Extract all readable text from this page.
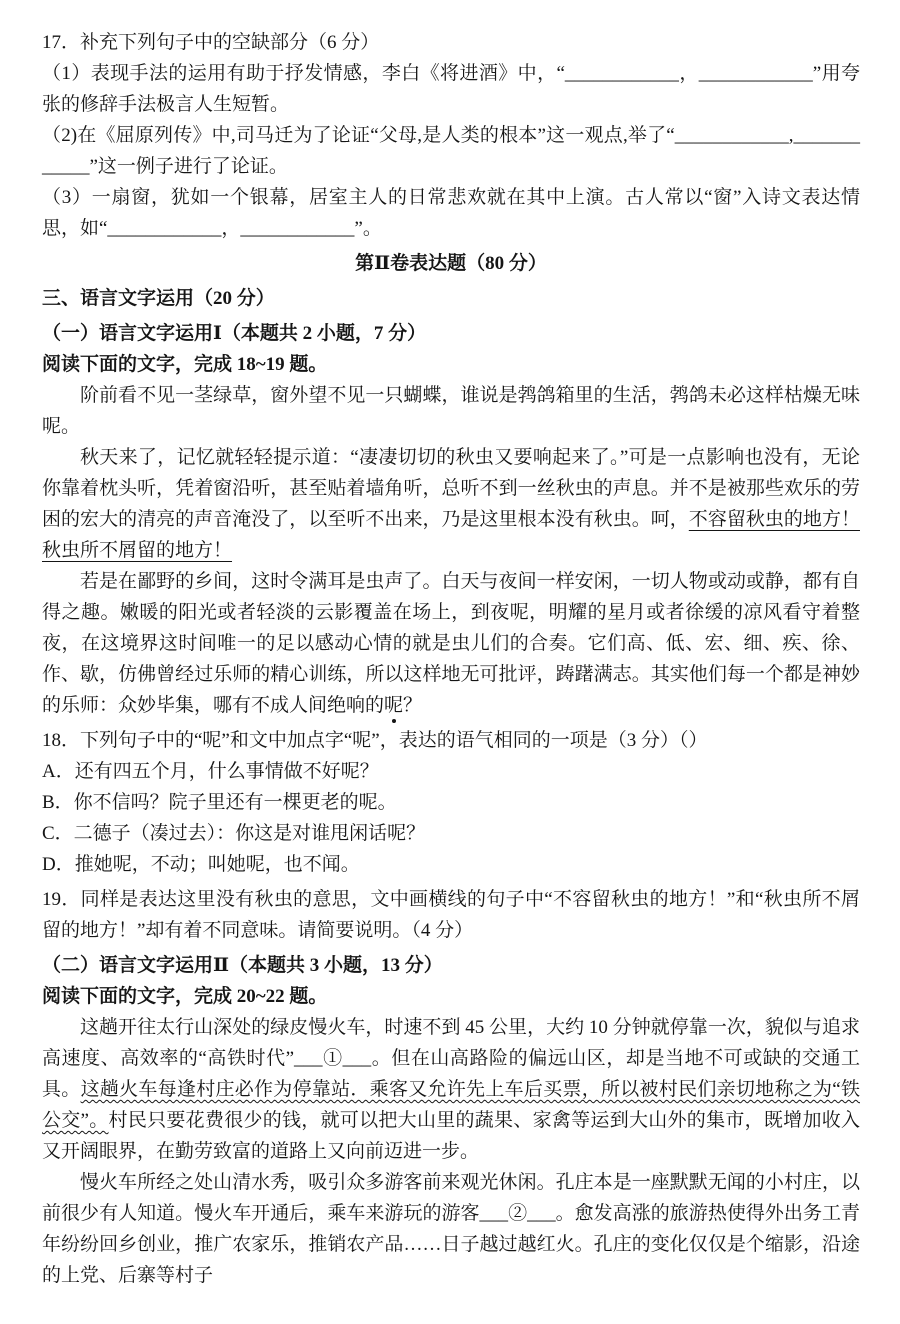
17．补充下列句子中的空缺部分（6 分）

（1）表现手法的运用有助于抒发情感，李白《将进酒》中，“____________，____________”用夸张的修辞手法极言人生短暂。

（2)在《屈原列传》中,司马迁为了论证“父母,是人类的根本”这一观点,举了“____________,____________”这一例子进行了论证。

（3）一扇窗，犹如一个银幕，居室主人的日常悲欢就在其中上演。古人常以“窗”入诗文表达情思，如“____________，____________”。

第Ⅱ卷表达题（80 分）

三、语言文字运用（20 分）

（一）语言文字运用Ⅰ（本题共 2 小题，7 分）

阅读下面的文字，完成 18~19 题。

阶前看不见一茎绿草，窗外望不见一只蝴蝶，谁说是鹁鸽箱里的生活，鹁鸽未必这样枯燥无味呢。

秋天来了，记忆就轻轻提示道：“凄凄切切的秋虫又要响起来了。”可是一点影响也没有，无论你靠着枕头听，凭着窗沿听，甚至贴着墙角听，总听不到一丝秋虫的声息。并不是被那些欢乐的劳困的宏大的清亮的声音淹没了，以至听不出来，乃是这里根本没有秋虫。呵，不容留秋虫的地方！秋虫所不屑留的地方！

若是在鄙野的乡间，这时令满耳是虫声了。白天与夜间一样安闲，一切人物或动或静，都有自得之趣。嫩暖的阳光或者轻淡的云影覆盖在场上，到夜呢，明耀的星月或者徐缓的凉风看守着整夜，在这境界这时间唯一的足以感动心情的就是虫儿们的合奏。它们高、低、宏、细、疾、徐、作、歇，仿佛曾经过乐师的精心训练，所以这样地无可批评，踌躇满志。其实他们每一个都是神妙的乐师：众妙毕集，哪有不成人间绝响的呢？

18．下列句子中的“呢”和文中加点字“呢”，表达的语气相同的一项是（3 分）（）

A．还有四五个月，什么事情做不好呢？

B．你不信吗？院子里还有一棵更老的呢。

C．二德子（凑过去）：你这是对谁甩闲话呢？

D．推她呢，不动；叫她呢，也不闻。

19．同样是表达这里没有秋虫的意思，文中画横线的句子中“不容留秋虫的地方！”和“秋虫所不屑留的地方！”却有着不同意味。请简要说明。（4 分）

（二）语言文字运用Ⅱ（本题共 3 小题，13 分）

阅读下面的文字，完成 20~22 题。

这趟开往太行山深处的绿皮慢火车，时速不到 45 公里，大约 10 分钟就停靠一次，貌似与追求高速度、高效率的“高铁时代”___①___。但在山高路险的偏远山区，却是当地不可或缺的交通工具。这趟火车每逢村庄必作为停靠站．乘客又允许先上车后买票，所以被村民们亲切地称之为“铁公交”。村民只要花费很少的钱，就可以把大山里的蔬果、家禽等运到大山外的集市，既增加收入又开阔眼界，在勤劳致富的道路上又向前迈进一步。

慢火车所经之处山清水秀，吸引众多游客前来观光休闲。孔庄本是一座默默无闻的小村庄，以前很少有人知道。慢火车开通后，乘车来游玩的游客___②___。愈发高涨的旅游热使得外出务工青年纷纷回乡创业，推广农家乐，推销农产品……日子越过越红火。孔庄的变化仅仅是个缩影，沿途的上党、后寨等村子
